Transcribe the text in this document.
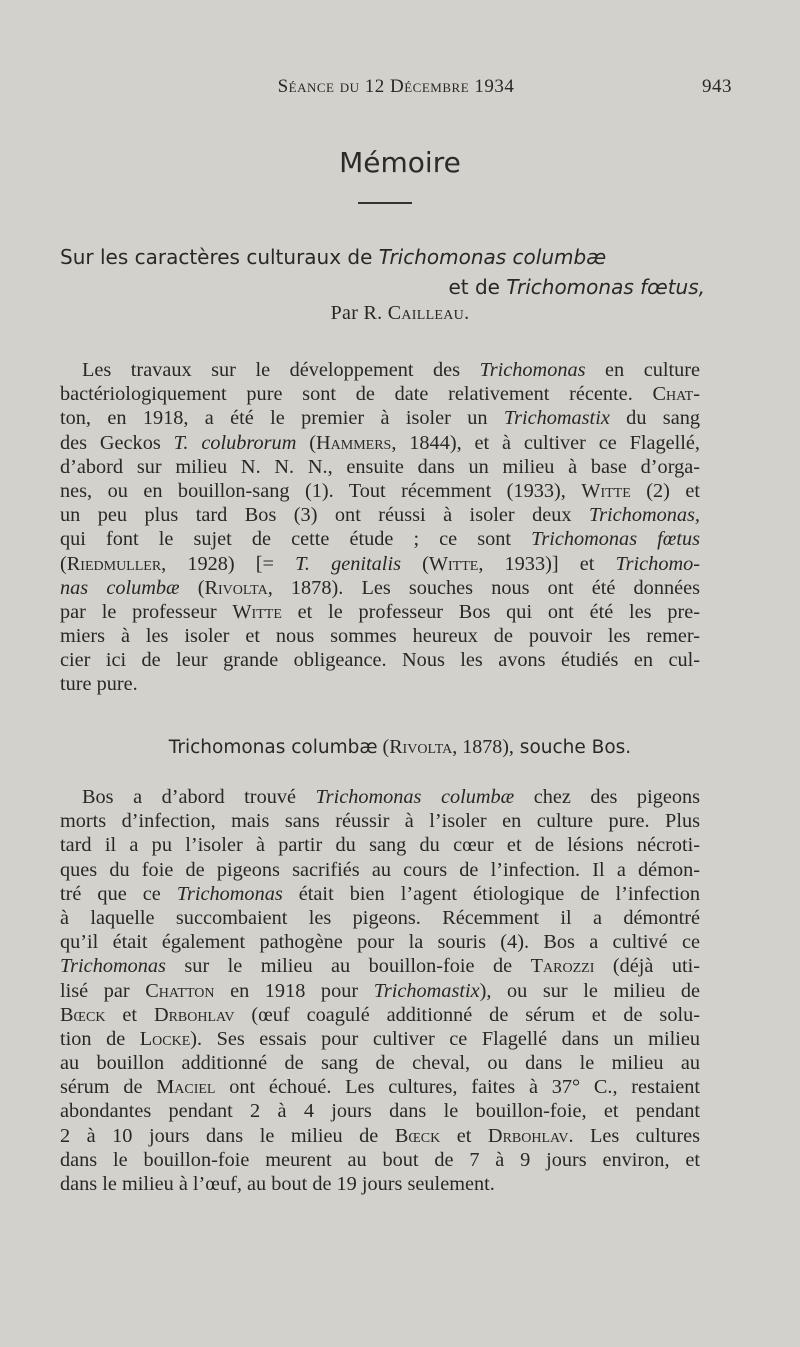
Séance du 12 Décembre 1934	943
Mémoire
Sur les caractères culturaux de Trichomonas columbæ
et de Trichomonas fœtus,
Par R. Cailleau.
Les travaux sur le développement des Trichomonas en culture
bactériologiquement pure sont de date relativement récente. Chat-
ton, en 1918, a été le premier à isoler un Trichomastix du sang
des Geckos T. colubrorum (Hammers, 1844), et à cultiver ce Flagellé,
d’abord sur milieu N. N. N., ensuite dans un milieu à base d’orga-
nes, ou en bouillon-sang (1). Tout récemment (1933), Witte (2) et
un peu plus tard Bos (3) ont réussi à isoler deux Trichomonas,
qui font le sujet de cette étude ; ce sont Trichomonas fœtus
(Riedmuller, 1928) [= T. genitalis (Witte, 1933)] et Trichomo-
nas columbæ (Rivolta, 1878). Les souches nous ont été données
par le professeur Witte et le professeur Bos qui ont été les pre-
miers à les isoler et nous sommes heureux de pouvoir les remer-
cier ici de leur grande obligeance. Nous les avons étudiés en cul-
ture pure.
Trichomonas columbæ (Rivolta, 1878), souche Bos.
Bos a d’abord trouvé Trichomonas columbæ chez des pigeons
morts d’infection, mais sans réussir à l’isoler en culture pure. Plus
tard il a pu l’isoler à partir du sang du cœur et de lésions nécroti-
ques du foie de pigeons sacrifiés au cours de l’infection. Il a démon-
tré que ce Trichomonas était bien l’agent étiologique de l’infection
à laquelle succombaient les pigeons. Récemment il a démontré
qu’il était également pathogène pour la souris (4). Bos a cultivé ce
Trichomonas sur le milieu au bouillon-foie de Tarozzi (déjà uti-
lisé par Chatton en 1918 pour Trichomastix), ou sur le milieu de
Bœck et Drbohlav (œuf coagulé additionné de sérum et de solu-
tion de Locke). Ses essais pour cultiver ce Flagellé dans un milieu
au bouillon additionné de sang de cheval, ou dans le milieu au
sérum de Maciel ont échoué. Les cultures, faites à 37° C., restaient
abondantes pendant 2 à 4 jours dans le bouillon-foie, et pendant
2 à 10 jours dans le milieu de Bœck et Drbohlav. Les cultures
dans le bouillon-foie meurent au bout de 7 à 9 jours environ, et
dans le milieu à l’œuf, au bout de 19 jours seulement.
